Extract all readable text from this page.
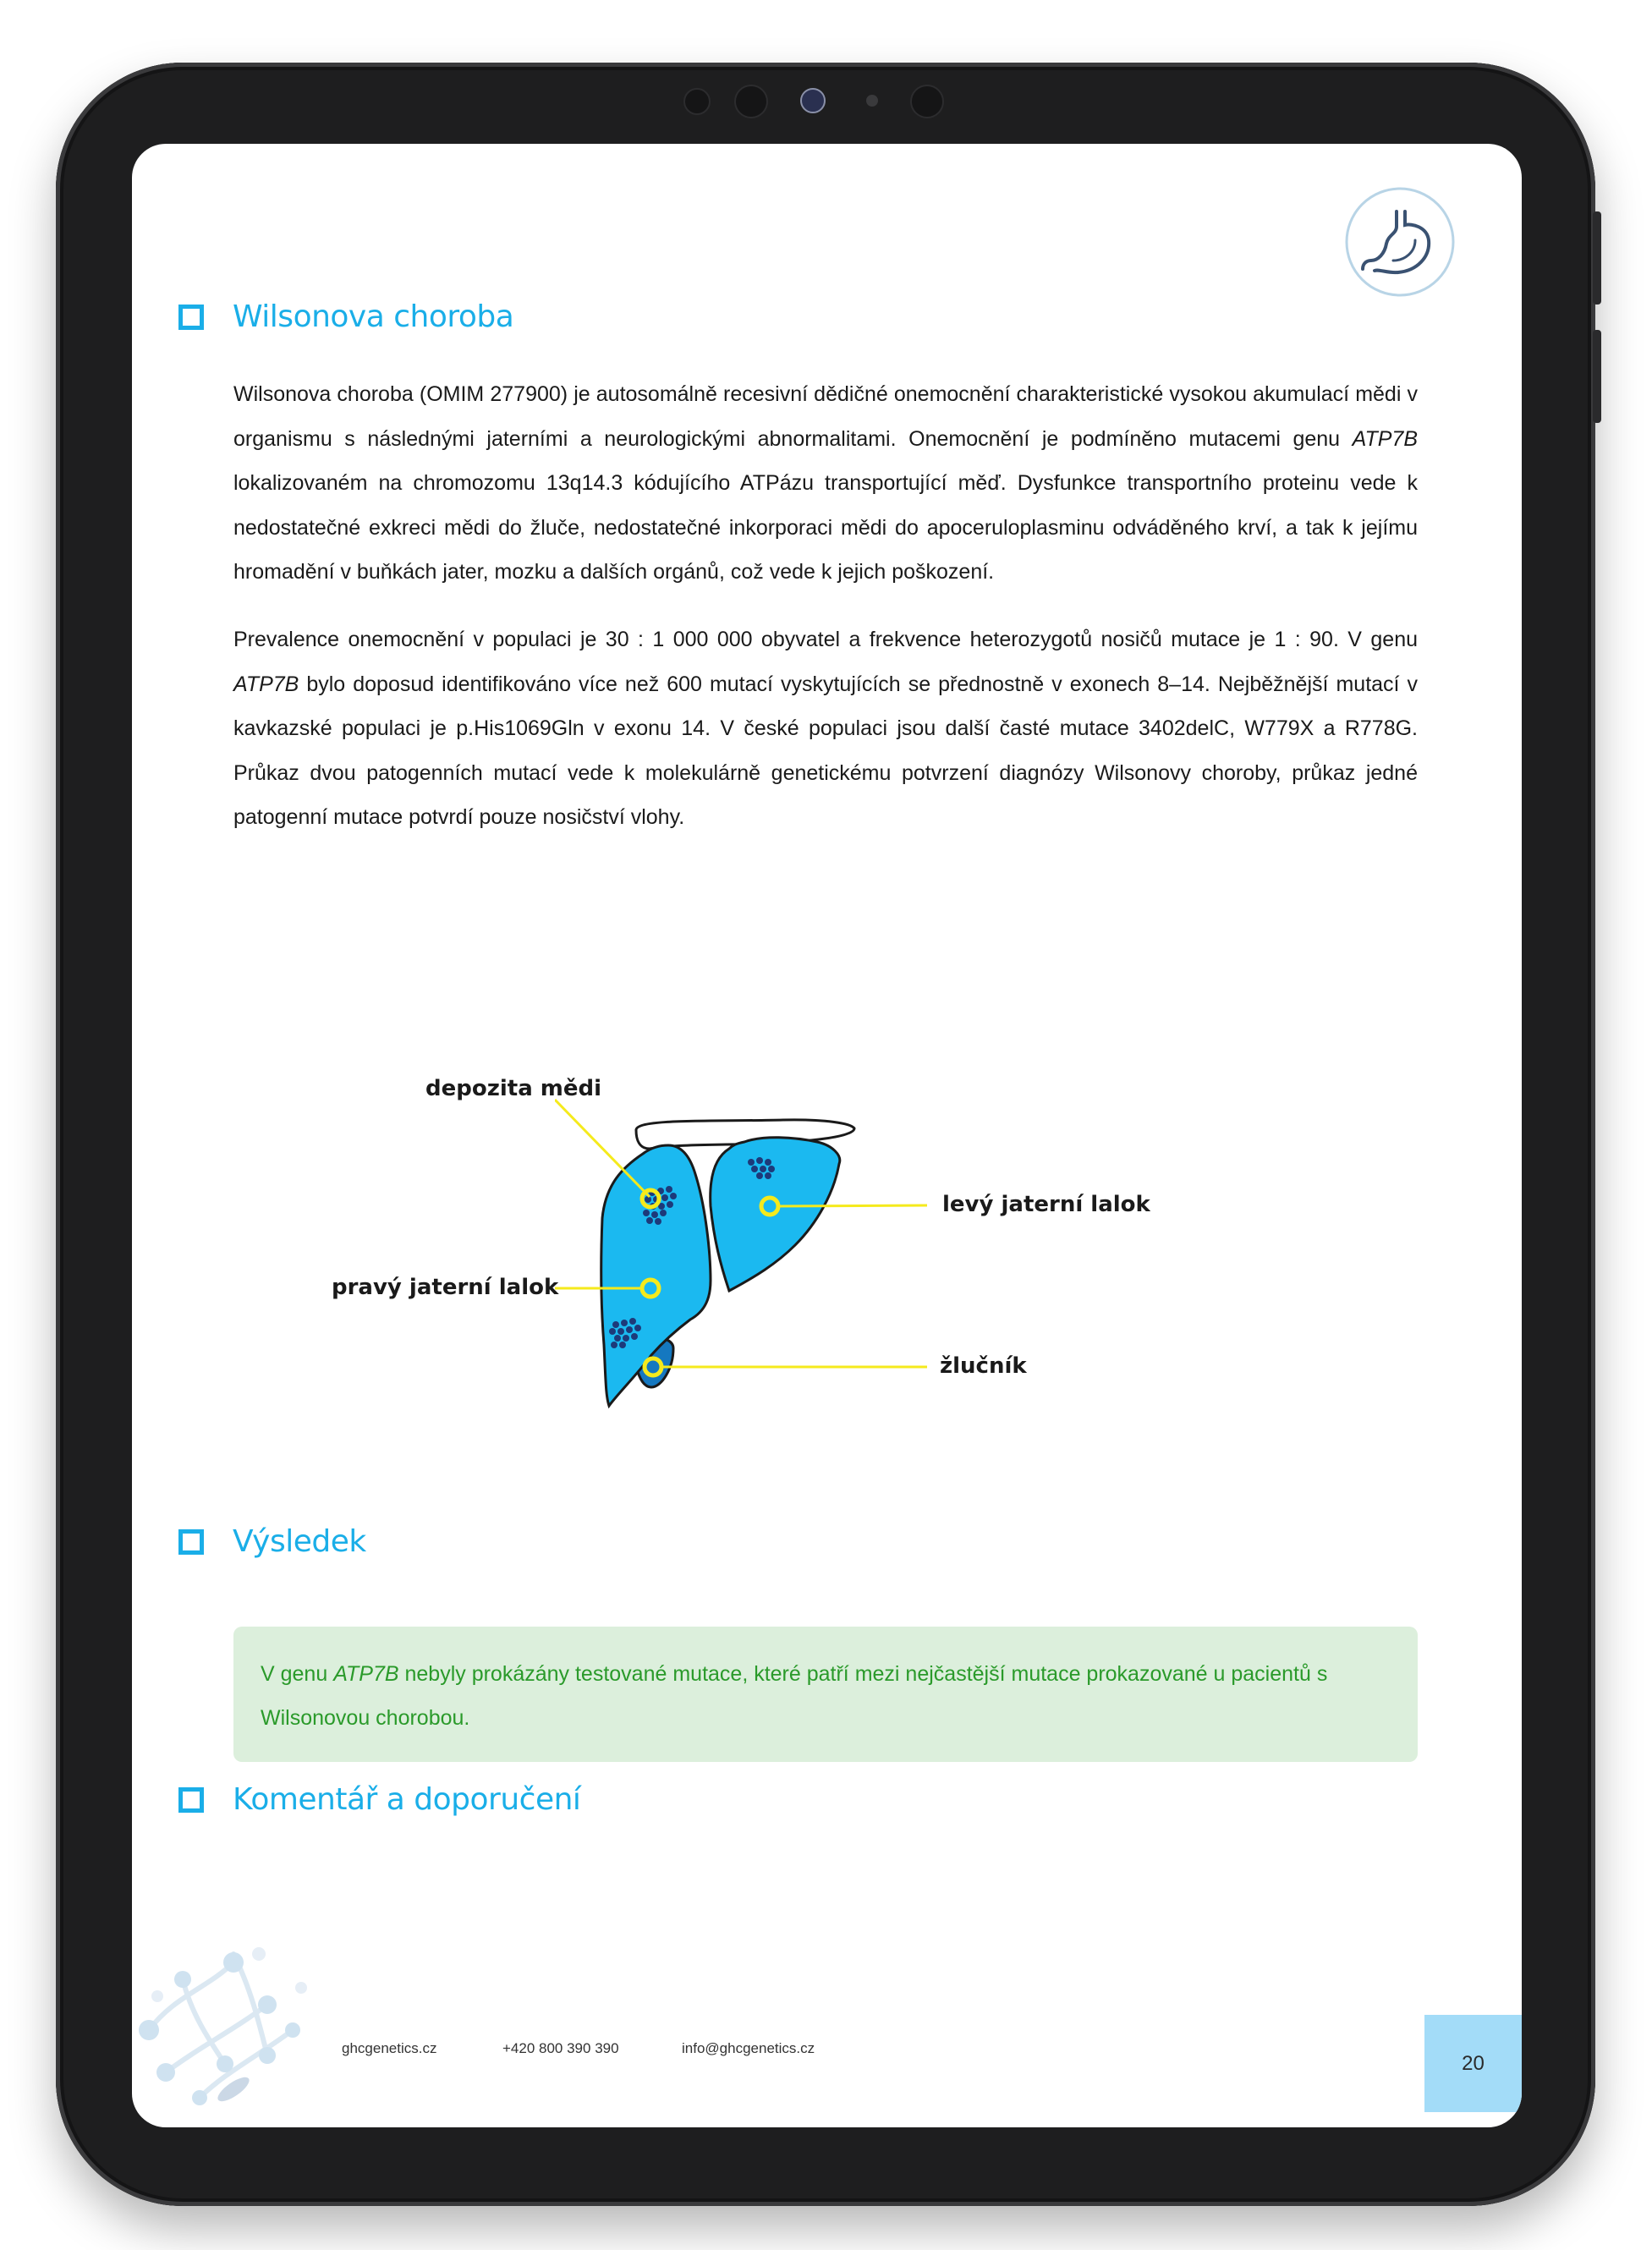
Wilsonova choroba

Wilsonova choroba (OMIM 277900) je autosomálně recesivní dědičné onemocnění charakteristické vysokou akumulací mědi v organismu s následnými jaterními a neurologickými abnormalitami. Onemocnění je podmíněno mutacemi genu ATP7B lokalizovaném na chromozomu 13q14.3 kódujícího ATPázu transportující měď. Dysfunkce transportního proteinu vede k nedostatečné exkreci mědi do žluče, nedostatečné inkorporaci mědi do apoceruloplasminu odváděného krví, a tak k jejímu hromadění v buňkách jater, mozku a dalších orgánů, což vede k jejich poškození.

Prevalence onemocnění v populaci je 30 : 1 000 000 obyvatel a frekvence heterozygotů nosičů mutace je 1 : 90. V genu ATP7B bylo doposud identifikováno více než 600 mutací vyskytujících se přednostně v exonech 8–14. Nejběžnější mutací v kavkazské populaci je p.His1069Gln v exonu 14. V české populaci jsou další časté mutace 3402delC, W779X a R778G. Průkaz dvou patogenních mutací vede k molekulárně genetickému potvrzení diagnózy Wilsonovy choroby, průkaz jedné patogenní mutace potvrdí pouze nosičství vlohy.

depozita mědi
levý jaterní lalok
pravý jaterní lalok
žlučník
Výsledek

V genu ATP7B nebyly prokázány testované mutace, které patří mezi nejčastější mutace prokazované u pacientů s Wilsonovou chorobou.

Komentář a doporučení
ghcgenetics.cz	+420 800 390 390	info@ghcgenetics.cz
20
